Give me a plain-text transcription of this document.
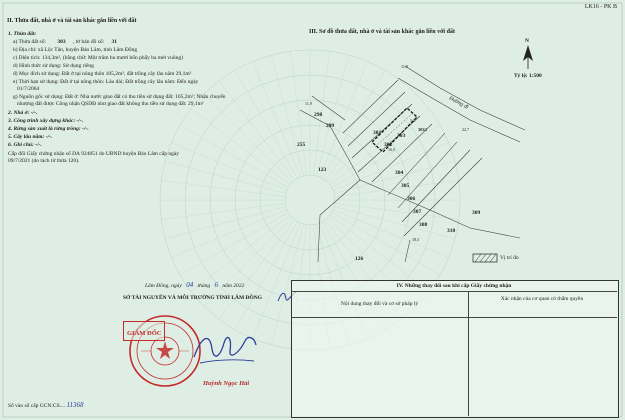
LK16 - PK B
II. Thửa đất, nhà ở và tài sản khác gắn liền với đất
1. Thửa đất:
a) Thửa đất số: 303 , tờ bản đồ số: 31
b) Địa chỉ: xã Lộc Tân, huyện Bảo Lâm, tỉnh Lâm Đồng
c) Diện tích: 134,3m², (bằng chữ: Một trăm ba mươi bốn phẩy ba mét vuông)
d) Hình thức sử dụng: Sử dụng riêng
đ) Mục đích sử dụng: Đất ở tại nông thôn 105,2m², đất trồng cây lâu năm 29,1m²
e) Thời hạn sử dụng: Đất ở tại nông thôn: Lâu dài; Đất trồng cây lâu năm: Đến ngày
01/7/2064
g) Nguồn gốc sử dụng: Đất ở: Nhà nước giao đất có thu tiền sử dụng đất: 105,2m²; Nhận chuyển
nhượng đất được Công nhận QSDĐ như giao đất không thu tiền sử dụng đất: 29,1m²
2. Nhà ở: -/-.
3. Công trình xây dựng khác: -/-.
4. Rừng sản xuất là rừng trồng: -/-.
5. Cây lâu năm: -/-.
6. Ghi chú: -/-.
Cấp đổi Giấy chứng nhận số DA 924851 do UBND huyện Bảo Lâm cấp ngày
09/7/2021 (do tách từ thửa 120).
Lâm Đồng, ngày 04 tháng 6 năm 2022
SỞ TÀI NGUYÊN VÀ MÔI TRƯỜNG TỈNH LÂM ĐỒNG
GIÁM ĐỐC
Huỳnh Ngọc Hải
Số vào sổ cấp GCN:CS.... 11368
III. Sơ đồ thửa đất, nhà ở và tài sản khác gắn liền với đất
N
Tỷ lệ: 1:500
298
299
255
301
302
303
304
305
306
307
308
309
310
126
123
303/2
Đường đi
11,9
11,9
5,0
16,5
22,7
18,3
Vị trí đo
IV. Những thay đổi sau khi cấp Giấy chứng nhận
Nội dung thay đổi và cơ sở pháp lý
Xác nhận của cơ quan có thẩm quyền
